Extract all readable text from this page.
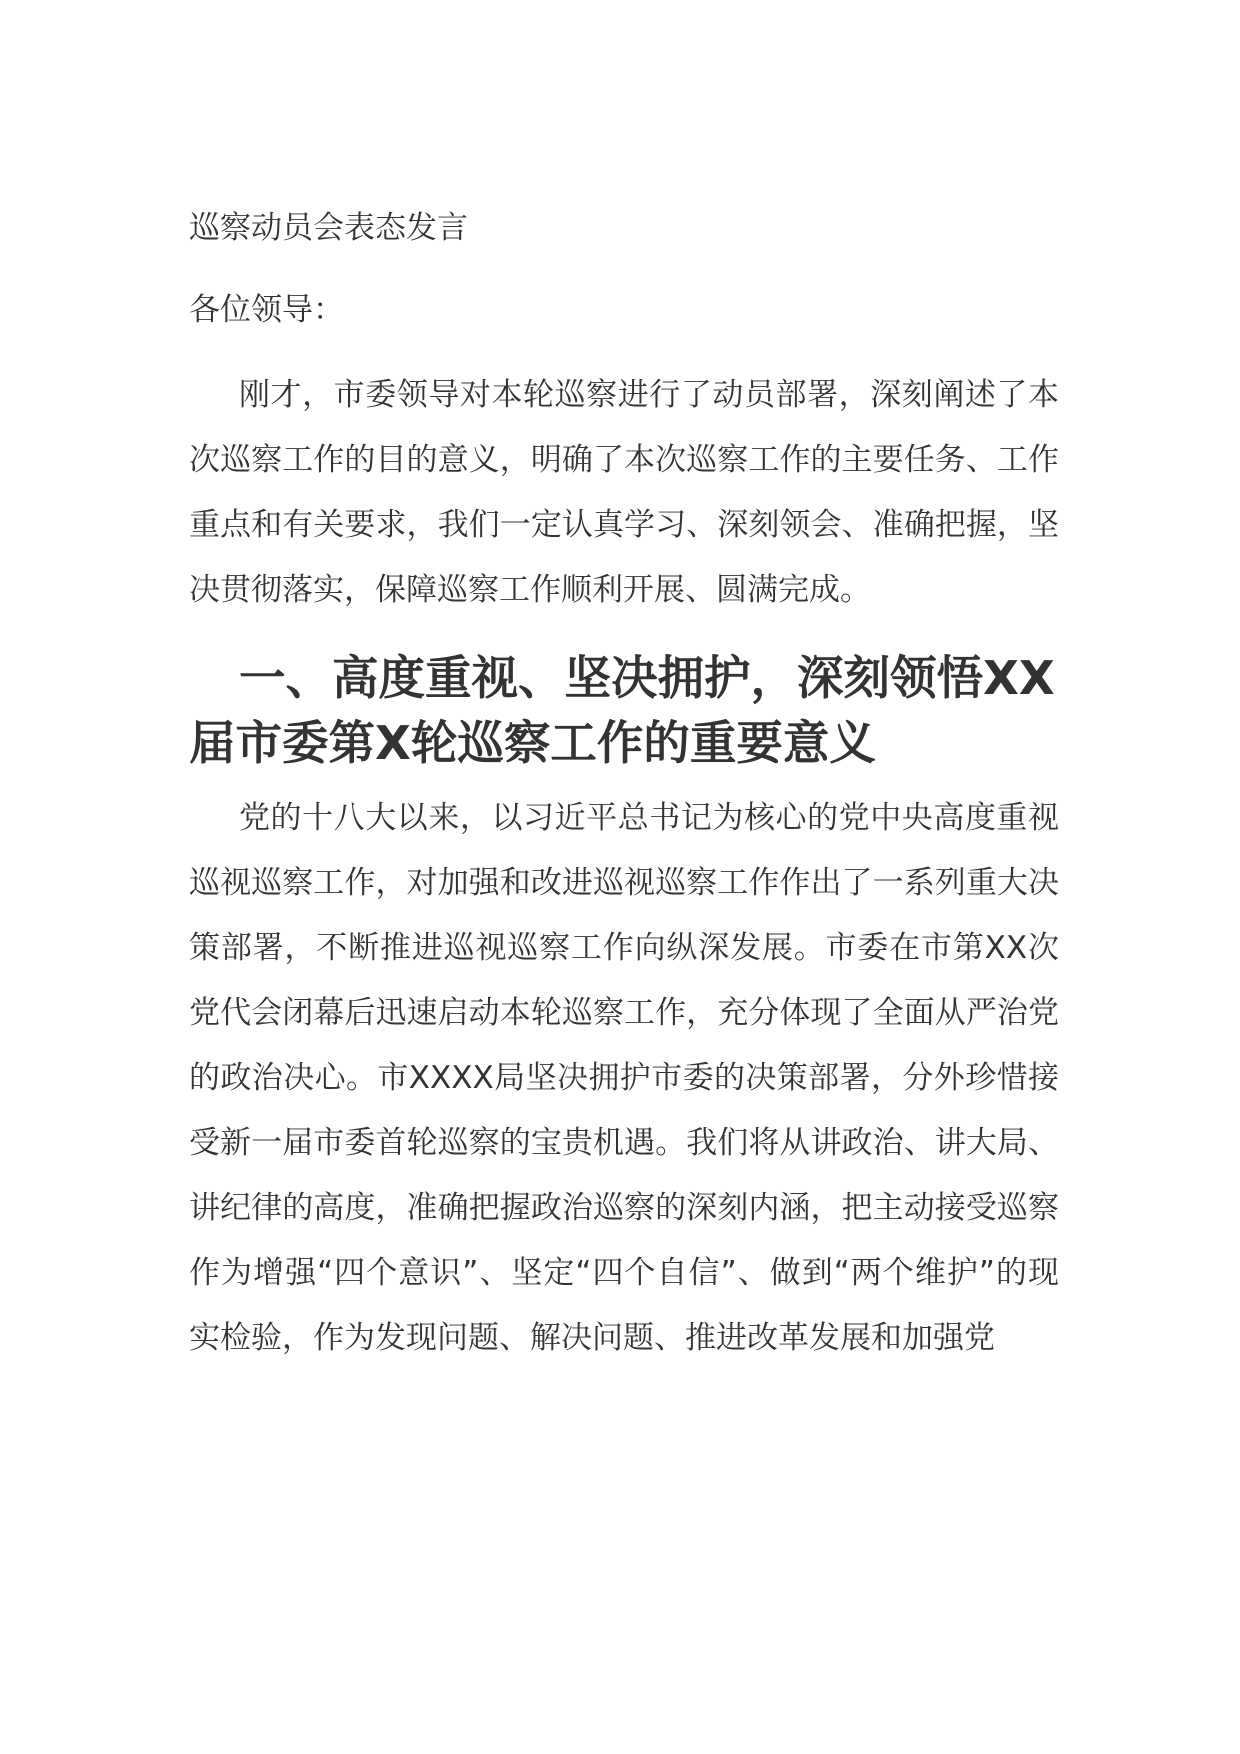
巡察动员会表态发言

各位领导：

刚才，市委领导对本轮巡察进行了动员部署，深刻阐述了本次巡察工作的目的意义，明确了本次巡察工作的主要任务、工作重点和有关要求，我们一定认真学习、深刻领会、准确把握，坚决贯彻落实，保障巡察工作顺利开展、圆满完成。

一、高度重视、坚决拥护，深刻领悟XX届市委第X轮巡察工作的重要意义

党的十八大以来，以习近平总书记为核心的党中央高度重视巡视巡察工作，对加强和改进巡视巡察工作作出了一系列重大决策部署，不断推进巡视巡察工作向纵深发展。市委在市第XX次党代会闭幕后迅速启动本轮巡察工作，充分体现了全面从严治党的政治决心。市XXXX局坚决拥护市委的决策部署，分外珍惜接受新一届市委首轮巡察的宝贵机遇。我们将从讲政治、讲大局、讲纪律的高度，准确把握政治巡察的深刻内涵，把主动接受巡察作为增强“四个意识”、坚定“四个自信”、做到“两个维护”的现实检验，作为发现问题、解决问题、推进改革发展和加强党
